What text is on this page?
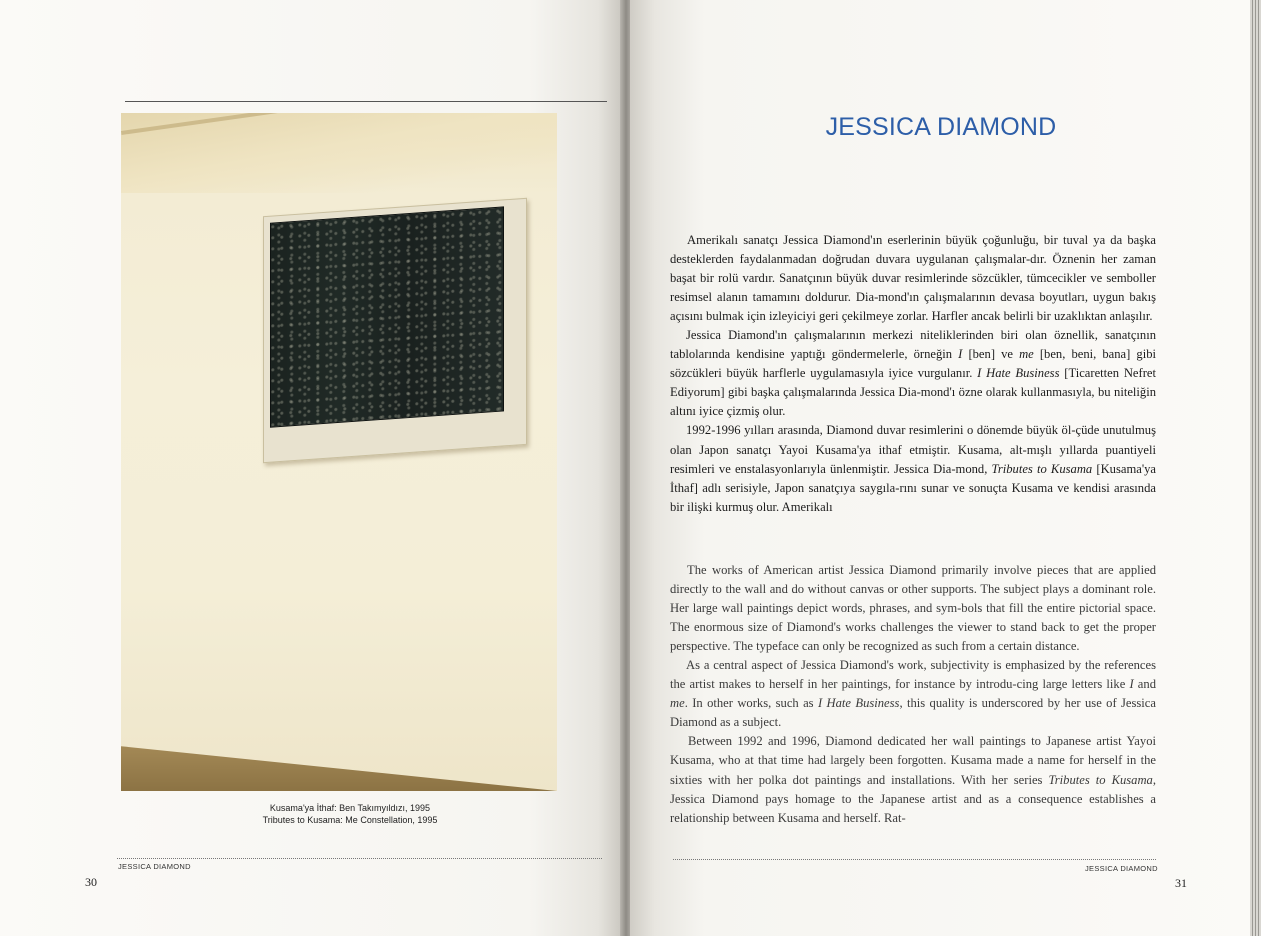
Kusama'ya İthaf: Ben Takımyıldızı, 1995
Tributes to Kusama: Me Constellation, 1995
JESSICA DIAMOND
30
JESSICA DIAMOND

Amerikalı sanatçı Jessica Diamond'ın eserlerinin büyük çoğunluğu, bir tuval ya da başka desteklerden faydalanmadan doğrudan duvara uygulanan çalışmalar-dır. Öznenin her zaman başat bir rolü vardır. Sanatçının büyük duvar resimlerinde sözcükler, tümcecikler ve semboller resimsel alanın tamamını doldurur. Dia-mond'ın çalışmalarının devasa boyutları, uygun bakış açısını bulmak için izleyiciyi geri çekilmeye zorlar. Harfler ancak belirli bir uzaklıktan anlaşılır.

Jessica Diamond'ın çalışmalarının merkezi niteliklerinden biri olan öznellik, sanatçının tablolarında kendisine yaptığı göndermelerle, örneğin I [ben] ve me [ben, beni, bana] gibi sözcükleri büyük harflerle uygulamasıyla iyice vurgulanır. I Hate Business [Ticaretten Nefret Ediyorum] gibi başka çalışmalarında Jessica Dia-mond'ı özne olarak kullanmasıyla, bu niteliğin altını iyice çizmiş olur.

1992-1996 yılları arasında, Diamond duvar resimlerini o dönemde büyük öl-çüde unutulmuş olan Japon sanatçı Yayoi Kusama'ya ithaf etmiştir. Kusama, alt-mışlı yıllarda puantiyeli resimleri ve enstalasyonlarıyla ünlenmiştir. Jessica Dia-mond, Tributes to Kusama [Kusama'ya İthaf] adlı serisiyle, Japon sanatçıya saygıla-rını sunar ve sonuçta Kusama ve kendisi arasında bir ilişki kurmuş olur. Amerikalı

The works of American artist Jessica Diamond primarily involve pieces that are applied directly to the wall and do without canvas or other supports. The subject plays a dominant role. Her large wall paintings depict words, phrases, and sym-bols that fill the entire pictorial space. The enormous size of Diamond's works challenges the viewer to stand back to get the proper perspective. The typeface can only be recognized as such from a certain distance.

As a central aspect of Jessica Diamond's work, subjectivity is emphasized by the references the artist makes to herself in her paintings, for instance by introdu-cing large letters like I and me. In other works, such as I Hate Business, this quality is underscored by her use of Jessica Diamond as a subject.

Between 1992 and 1996, Diamond dedicated her wall paintings to Japanese artist Yayoi Kusama, who at that time had largely been forgotten. Kusama made a name for herself in the sixties with her polka dot paintings and installations. With her series Tributes to Kusama, Jessica Diamond pays homage to the Japanese artist and as a consequence establishes a relationship between Kusama and herself. Rat-

JESSICA DIAMOND
31
